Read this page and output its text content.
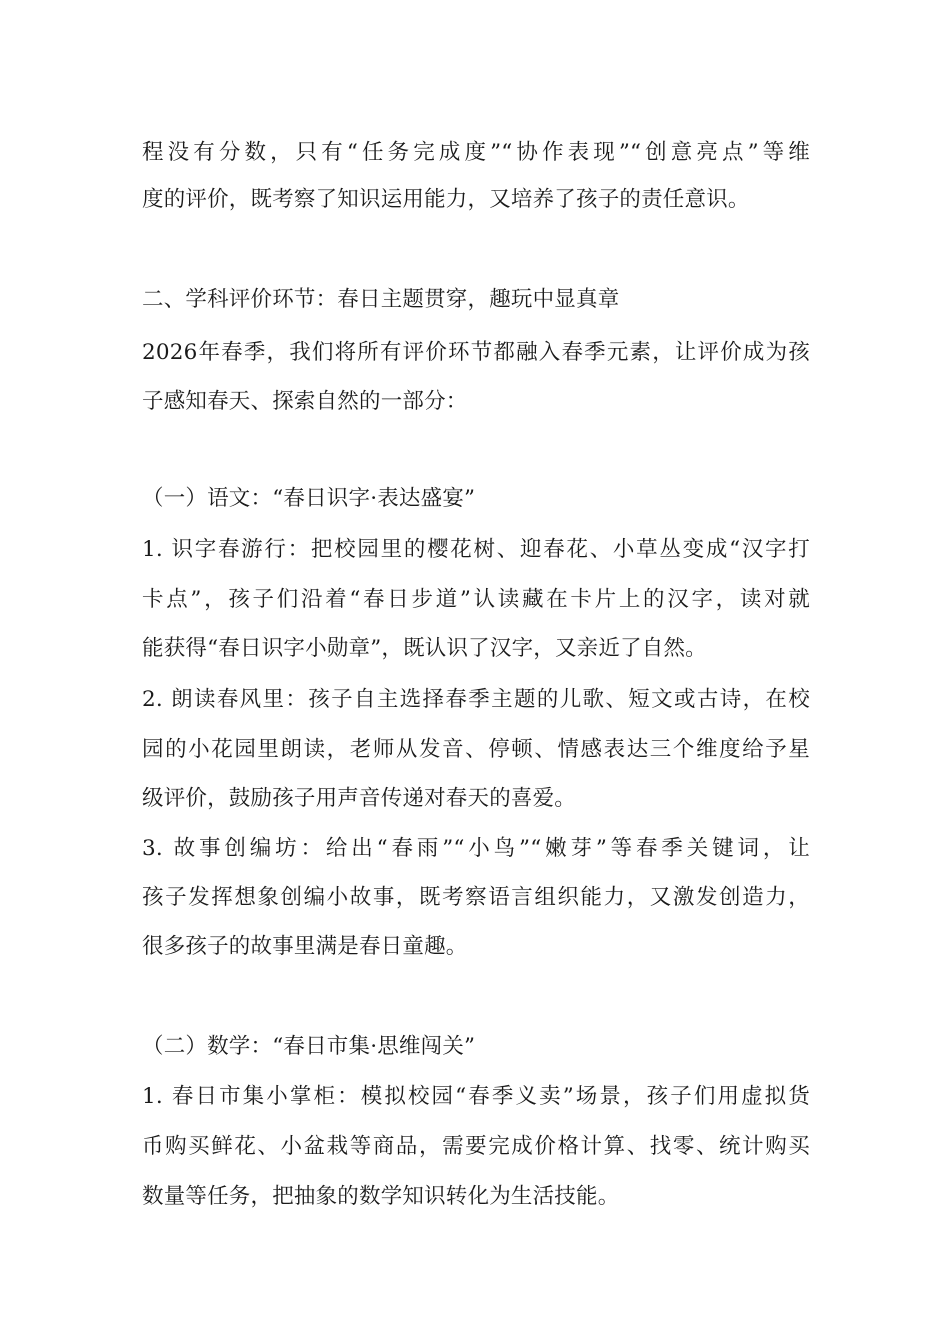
程没有分数，只有“任务完成度”“协作表现”“创意亮点”等维
度的评价，既考察了知识运用能力，又培养了孩子的责任意识。
二、学科评价环节：春日主题贯穿，趣玩中显真章
2026年春季，我们将所有评价环节都融入春季元素，让评价成为孩
子感知春天、探索自然的一部分：
（一）语文：“春日识字·表达盛宴”
1. 识字春游行：把校园里的樱花树、迎春花、小草丛变成“汉字打
卡点”，孩子们沿着“春日步道”认读藏在卡片上的汉字，读对就
能获得“春日识字小勋章”，既认识了汉字，又亲近了自然。
2. 朗读春风里：孩子自主选择春季主题的儿歌、短文或古诗，在校
园的小花园里朗读，老师从发音、停顿、情感表达三个维度给予星
级评价，鼓励孩子用声音传递对春天的喜爱。
3. 故事创编坊：给出“春雨”“小鸟”“嫩芽”等春季关键词，让
孩子发挥想象创编小故事，既考察语言组织能力，又激发创造力，
很多孩子的故事里满是春日童趣。
（二）数学：“春日市集·思维闯关”
1. 春日市集小掌柜：模拟校园“春季义卖”场景，孩子们用虚拟货
币购买鲜花、小盆栽等商品，需要完成价格计算、找零、统计购买
数量等任务，把抽象的数学知识转化为生活技能。
